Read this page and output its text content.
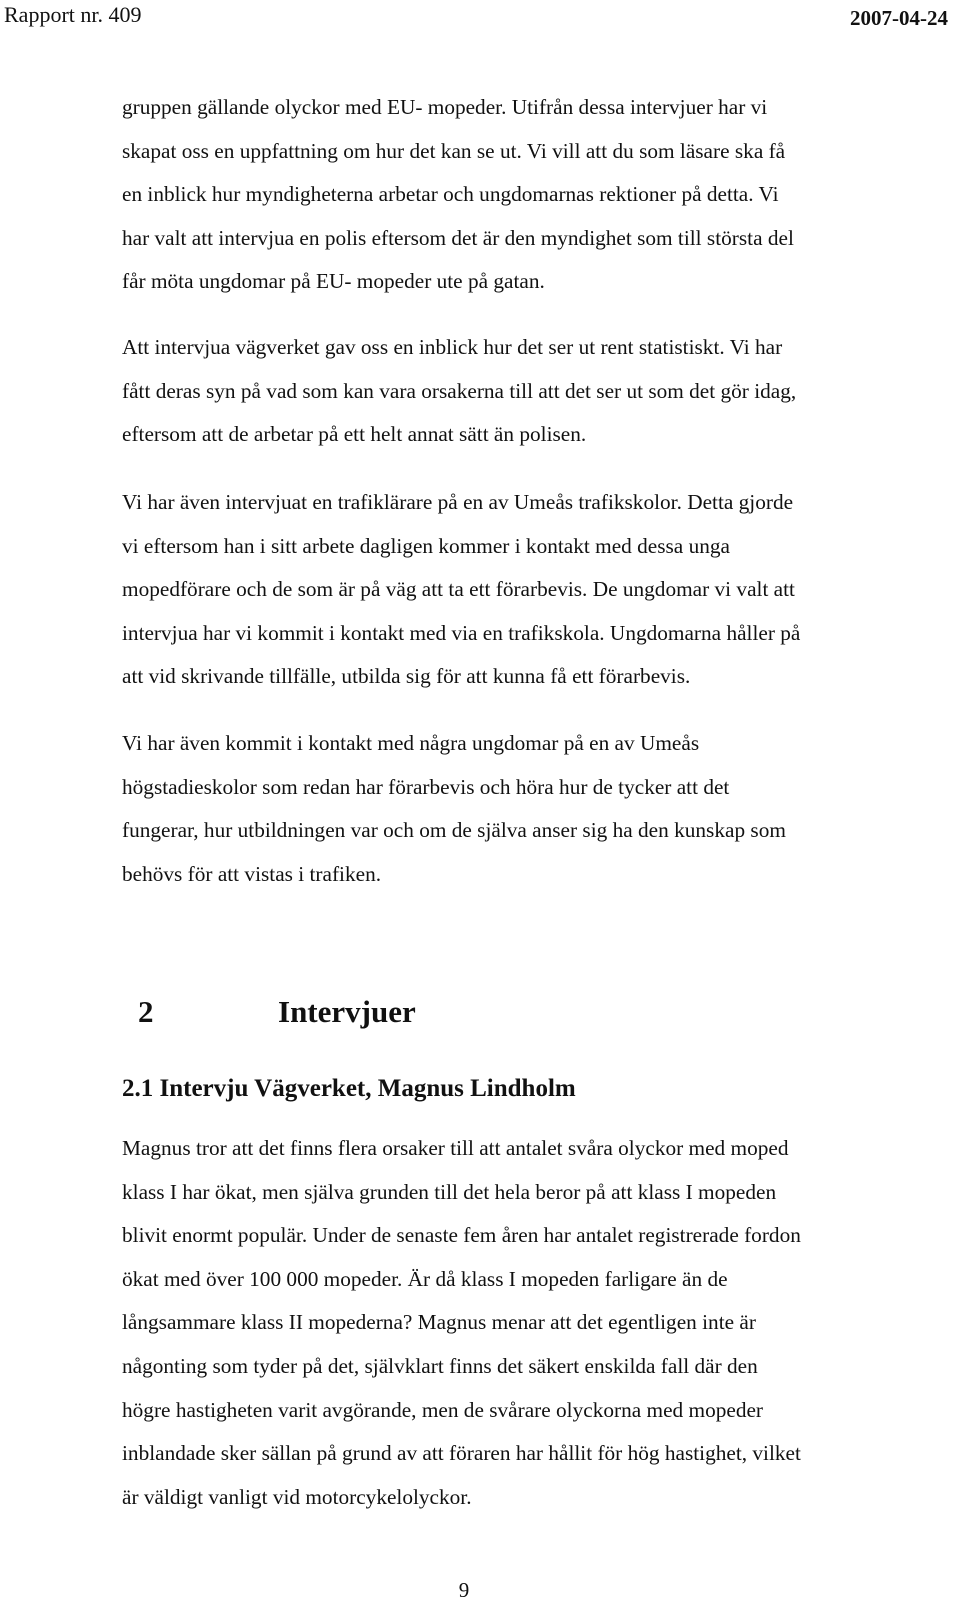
Rapport nr. 409	2007-04-24
gruppen gällande olyckor med EU- mopeder. Utifrån dessa intervjuer har vi
skapat oss en uppfattning om hur det kan se ut. Vi vill att du som läsare ska få
en inblick hur myndigheterna arbetar och ungdomarnas rektioner på detta. Vi
har valt att intervjua en polis eftersom det är den myndighet som till största del
får möta ungdomar på EU- mopeder ute på gatan.
Att intervjua vägverket gav oss en inblick hur det ser ut rent statistiskt. Vi har
fått deras syn på vad som kan vara orsakerna till att det ser ut som det gör idag,
eftersom att de arbetar på ett helt annat sätt än polisen.
Vi har även intervjuat en trafiklärare på en av Umeås trafikskolor. Detta gjorde
vi eftersom han i sitt arbete dagligen kommer i kontakt med dessa unga
mopedförare och de som är på väg att ta ett förarbevis. De ungdomar vi valt att
intervjua har vi kommit i kontakt med via en trafikskola. Ungdomarna håller på
att vid skrivande tillfälle, utbilda sig för att kunna få ett förarbevis.
Vi har även kommit i kontakt med några ungdomar på en av Umeås
högstadieskolor som redan har förarbevis och höra hur de tycker att det
fungerar, hur utbildningen var och om de själva anser sig ha den kunskap som
behövs för att vistas i trafiken.
2	Intervjuer
2.1 Intervju Vägverket, Magnus Lindholm
Magnus tror att det finns flera orsaker till att antalet svåra olyckor med moped
klass I har ökat, men själva grunden till det hela beror på att klass I mopeden
blivit enormt populär. Under de senaste fem åren har antalet registrerade fordon
ökat med över 100 000 mopeder. Är då klass I mopeden farligare än de
långsammare klass II mopederna? Magnus menar att det egentligen inte är
någonting som tyder på det, självklart finns det säkert enskilda fall där den
högre hastigheten varit avgörande, men de svårare olyckorna med mopeder
inblandade sker sällan på grund av att föraren har hållit för hög hastighet, vilket
är väldigt vanligt vid motorcykelolyckor.
9
